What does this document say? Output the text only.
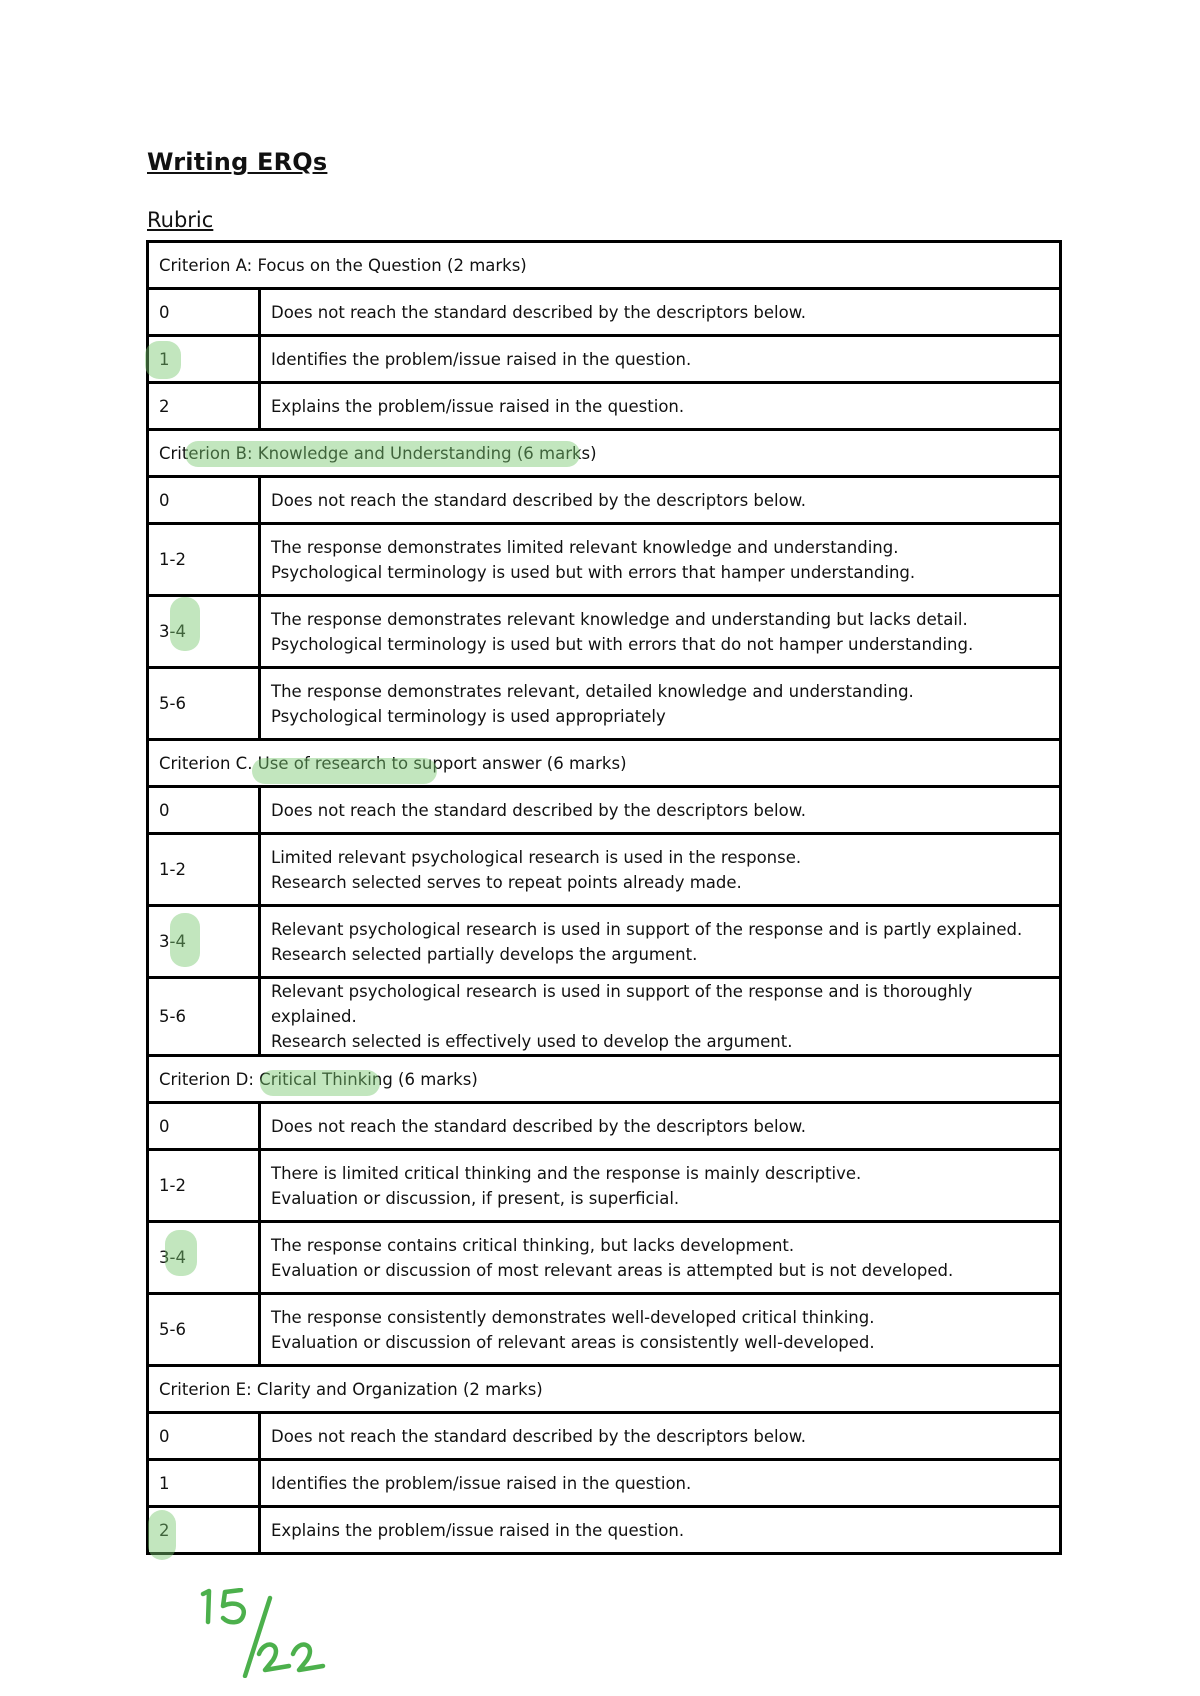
Writing ERQs
Rubric
Criterion A: Focus on the Question (2 marks)	
0	Does not reach the standard described by the descriptors below.

1	Identifies the problem/issue raised in the question.

2	Explains the problem/issue raised in the question.

Criterion B: Knowledge and Understanding (6 marks)	
0	Does not reach the standard described by the descriptors below.

1-2	The response demonstrates limited relevant knowledge and understanding.
Psychological terminology is used but with errors that hamper understanding.

3-4	The response demonstrates relevant knowledge and understanding but lacks detail.
Psychological terminology is used but with errors that do not hamper understanding.

5-6	The response demonstrates relevant, detailed knowledge and understanding.
Psychological terminology is used appropriately

Criterion C. Use of research to support answer (6 marks)	
0	Does not reach the standard described by the descriptors below.

1-2	Limited relevant psychological research is used in the response.
Research selected serves to repeat points already made.

3-4	Relevant psychological research is used in support of the response and is partly explained.
Research selected partially develops the argument.

5-6	Relevant psychological research is used in support of the response and is thoroughly explained.
Research selected is effectively used to develop the argument.

Criterion D: Critical Thinking (6 marks)	
0	Does not reach the standard described by the descriptors below.

1-2	There is limited critical thinking and the response is mainly descriptive.
Evaluation or discussion, if present, is superficial.

3-4	The response contains critical thinking, but lacks development.
Evaluation or discussion of most relevant areas is attempted but is not developed.

5-6	The response consistently demonstrates well-developed critical thinking.
Evaluation or discussion of relevant areas is consistently well-developed.

Criterion E: Clarity and Organization (2 marks)	
0	Does not reach the standard described by the descriptors below.

1	Identifies the problem/issue raised in the question.

2	Explains the problem/issue raised in the question.
